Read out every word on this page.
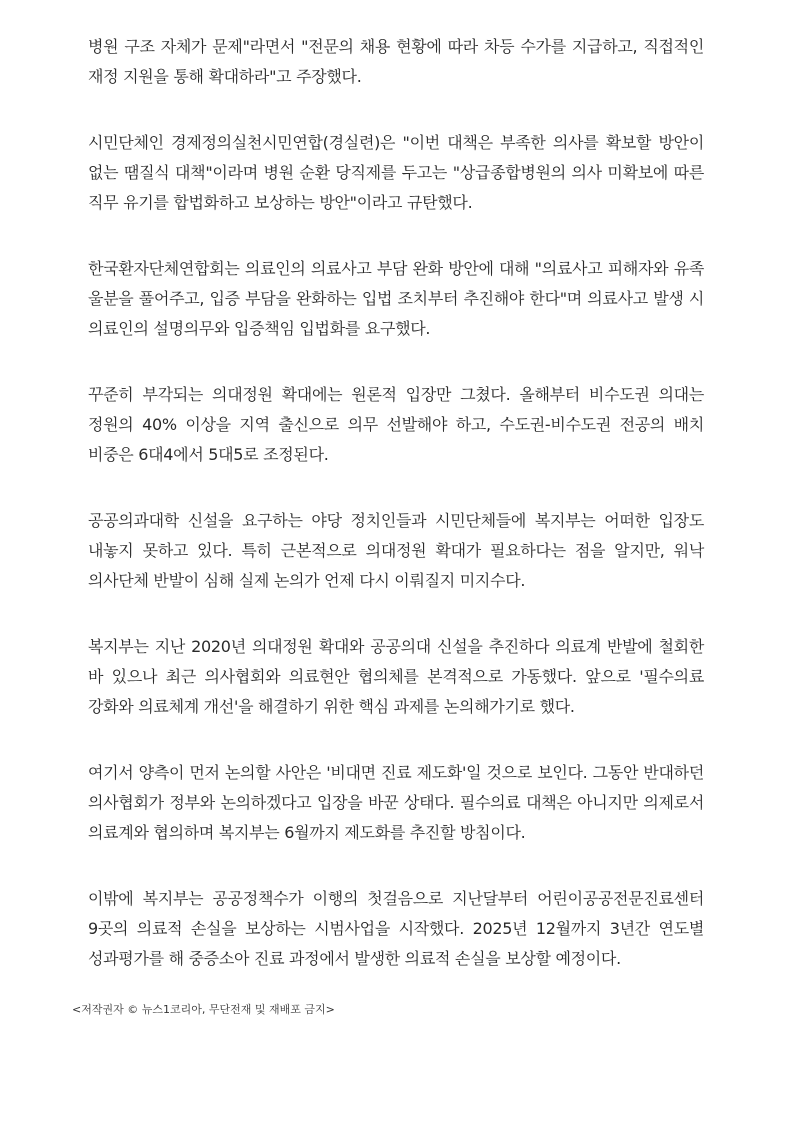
병원 구조 자체가 문제"라면서 "전문의 채용 현황에 따라 차등 수가를 지급하고, 직접적인 재정 지원을 통해 확대하라"고 주장했다.

시민단체인 경제정의실천시민연합(경실련)은 "이번 대책은 부족한 의사를 확보할 방안이 없는 땜질식 대책"이라며 병원 순환 당직제를 두고는 "상급종합병원의 의사 미확보에 따른 직무 유기를 합법화하고 보상하는 방안"이라고 규탄했다.

한국환자단체연합회는 의료인의 의료사고 부담 완화 방안에 대해 "의료사고 피해자와 유족 울분을 풀어주고, 입증 부담을 완화하는 입법 조치부터 추진해야 한다"며 의료사고 발생 시 의료인의 설명의무와 입증책임 입법화를 요구했다.

꾸준히 부각되는 의대정원 확대에는 원론적 입장만 그쳤다. 올해부터 비수도권 의대는 정원의 40% 이상을 지역 출신으로 의무 선발해야 하고, 수도권-비수도권 전공의 배치 비중은 6대4에서 5대5로 조정된다.

공공의과대학 신설을 요구하는 야당 정치인들과 시민단체들에 복지부는 어떠한 입장도 내놓지 못하고 있다. 특히 근본적으로 의대정원 확대가 필요하다는 점을 알지만, 워낙 의사단체 반발이 심해 실제 논의가 언제 다시 이뤄질지 미지수다.

복지부는 지난 2020년 의대정원 확대와 공공의대 신설을 추진하다 의료계 반발에 철회한 바 있으나 최근 의사협회와 의료현안 협의체를 본격적으로 가동했다. 앞으로 '필수의료 강화와 의료체계 개선'을 해결하기 위한 핵심 과제를 논의해가기로 했다.

여기서 양측이 먼저 논의할 사안은 '비대면 진료 제도화'일 것으로 보인다. 그동안 반대하던 의사협회가 정부와 논의하겠다고 입장을 바꾼 상태다. 필수의료 대책은 아니지만 의제로서 의료계와 협의하며 복지부는 6월까지 제도화를 추진할 방침이다.

이밖에 복지부는 공공정책수가 이행의 첫걸음으로 지난달부터 어린이공공전문진료센터 9곳의 의료적 손실을 보상하는 시범사업을 시작했다. 2025년 12월까지 3년간 연도별 성과평가를 해 중증소아 진료 과정에서 발생한 의료적 손실을 보상할 예정이다.

<저작권자 © 뉴스1코리아, 무단전재 및 재배포 금지>
